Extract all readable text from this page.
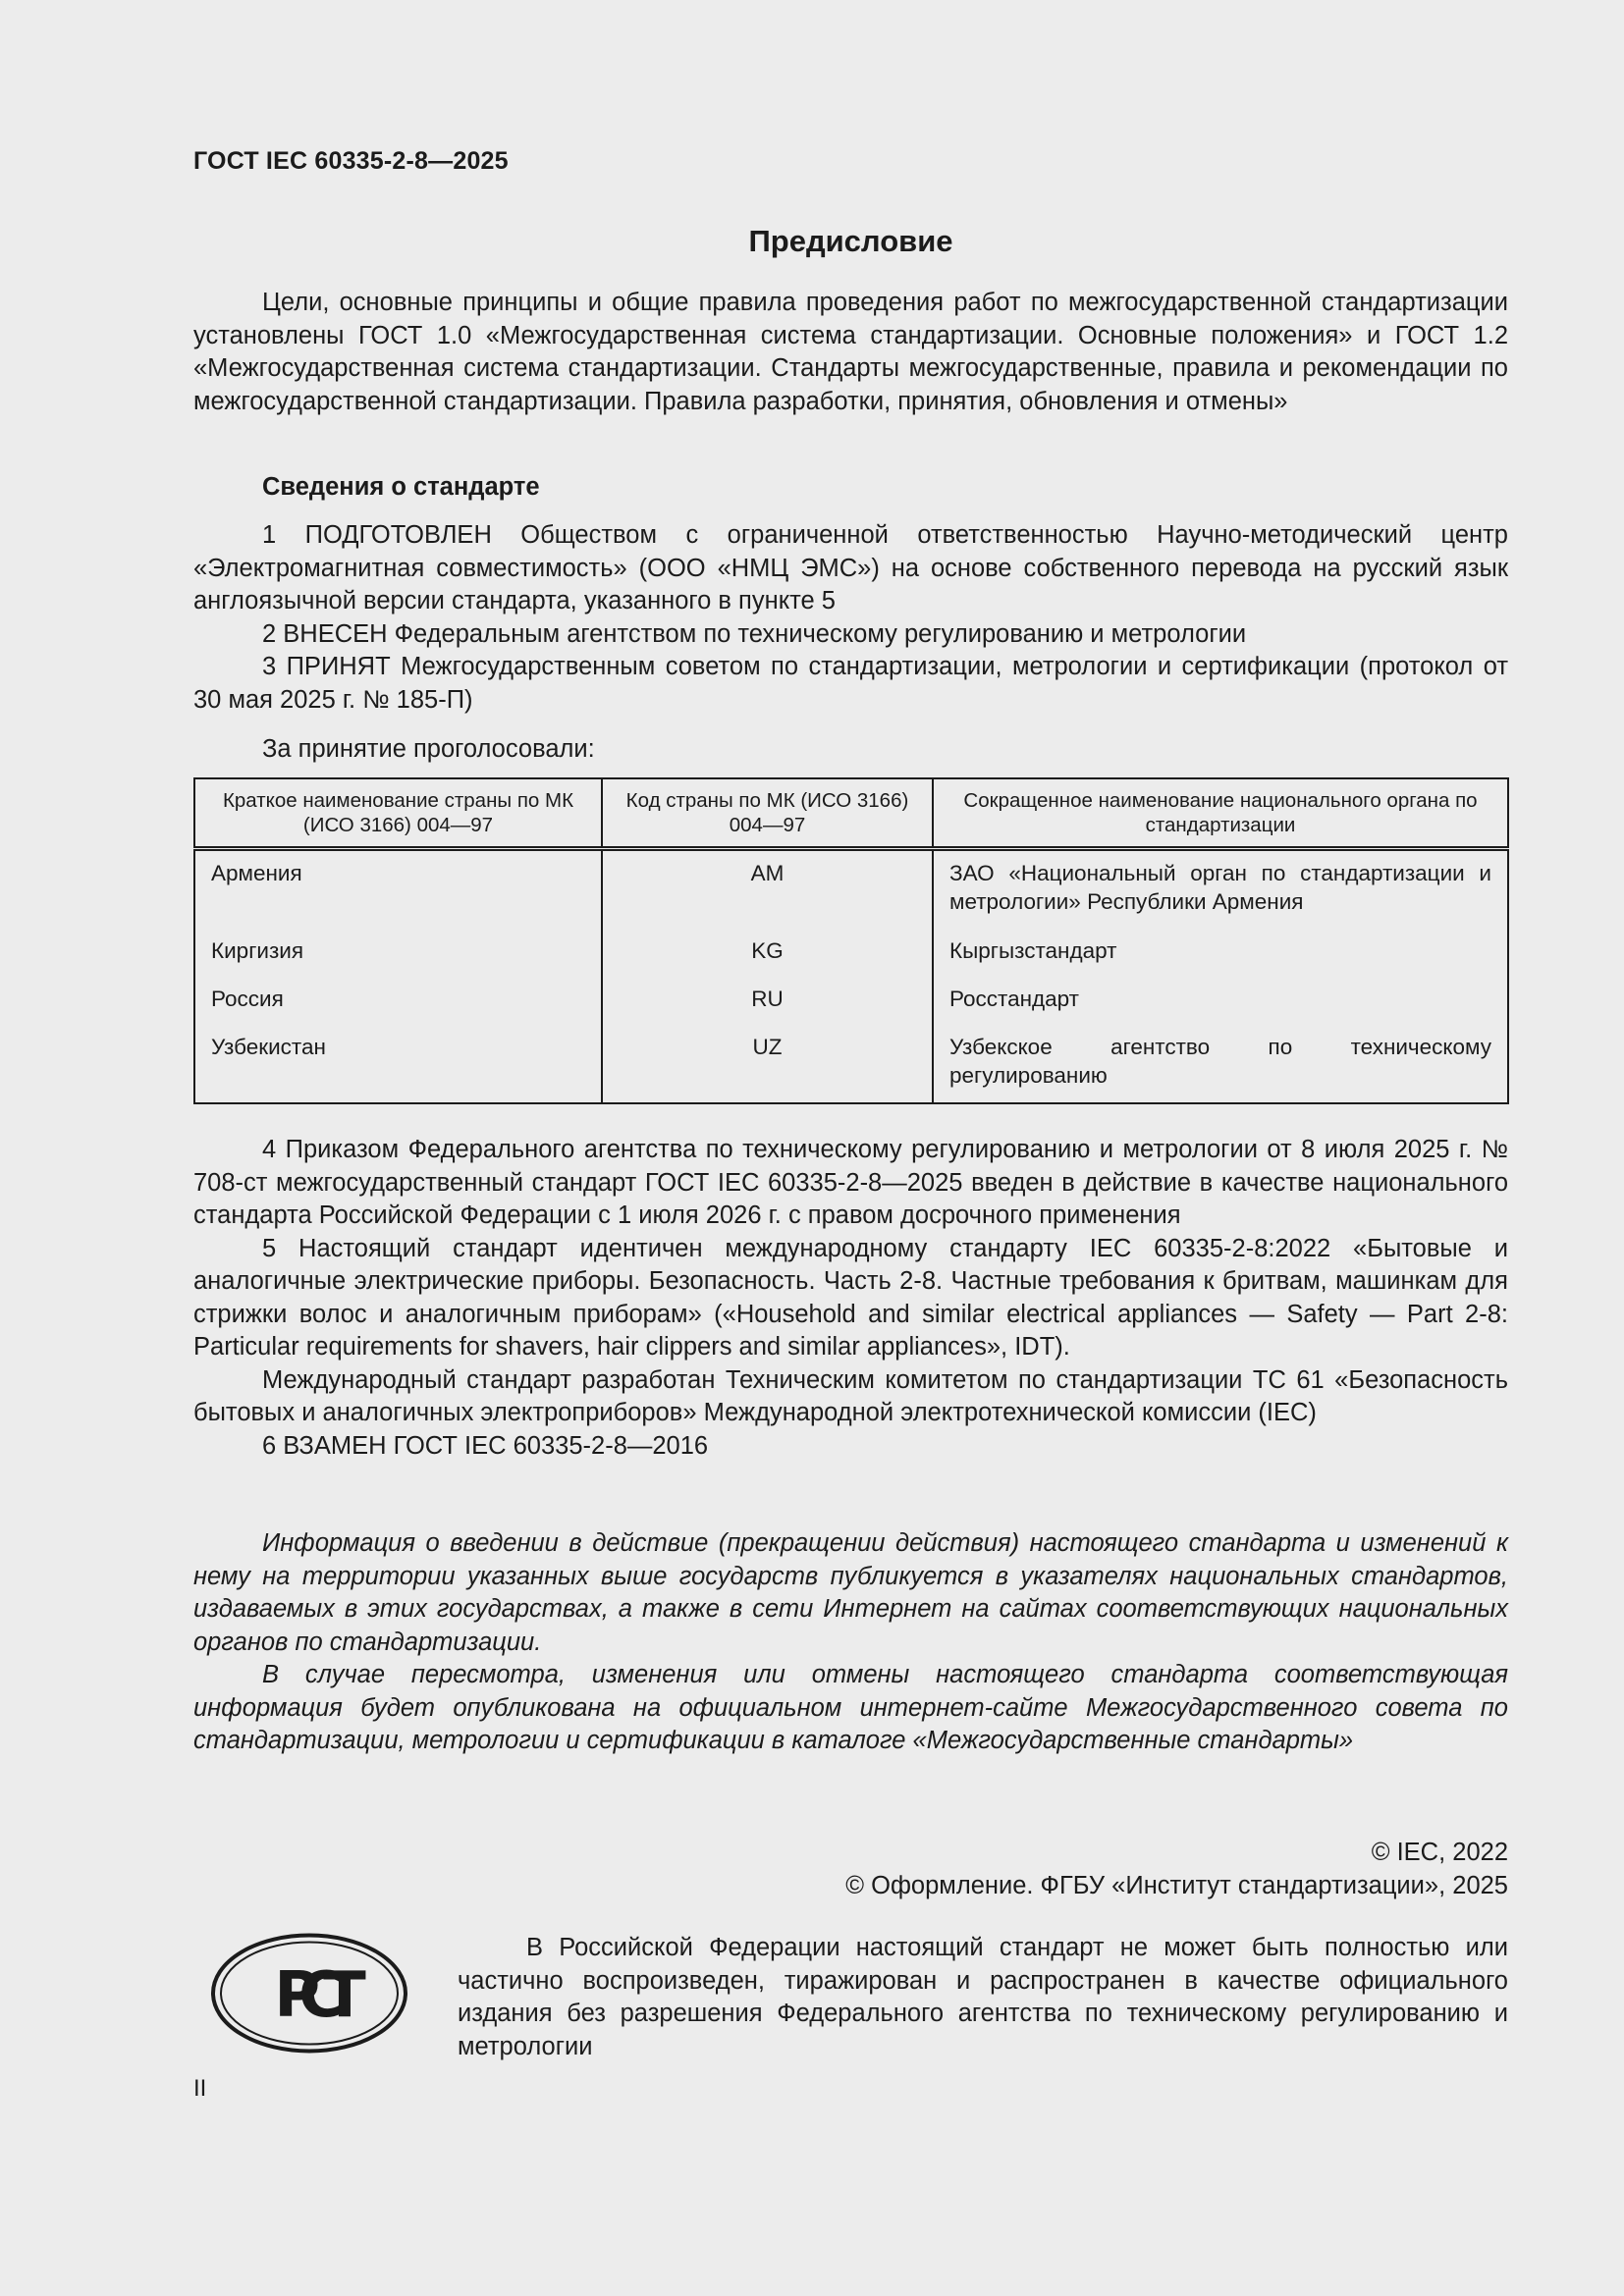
ГОСТ IEC 60335-2-8—2025
Предисловие

Цели, основные принципы и общие правила проведения работ по межгосударственной стандартизации установлены ГОСТ 1.0 «Межгосударственная система стандартизации. Основные положения» и ГОСТ 1.2 «Межгосударственная система стандартизации. Стандарты межгосударственные, правила и рекомендации по межгосударственной стандартизации. Правила разработки, принятия, обновления и отмены»

Сведения о стандарте

1 ПОДГОТОВЛЕН Обществом с ограниченной ответственностью Научно-методический центр «Электромагнитная совместимость» (ООО «НМЦ ЭМС») на основе собственного перевода на русский язык англоязычной версии стандарта, указанного в пункте 5

2 ВНЕСЕН Федеральным агентством по техническому регулированию и метрологии

3 ПРИНЯТ Межгосударственным советом по стандартизации, метрологии и сертификации (протокол от 30 мая 2025 г. № 185-П)

За принятие проголосовали:
Краткое наименование страны по МК (ИСО 3166) 004—97	Код страны по МК (ИСО 3166) 004—97	Сокращенное наименование национального органа по стандартизации
Армения	AM	ЗАО «Национальный орган по стандартизации и метрологии» Республики Армения
Киргизия	KG	Кыргызстандарт
Россия	RU	Росстандарт
Узбекистан	UZ	Узбекское агентство по техническому регулированию

4 Приказом Федерального агентства по техническому регулированию и метрологии от 8 июля 2025 г. № 708-ст межгосударственный стандарт ГОСТ IEC 60335-2-8—2025 введен в действие в качестве национального стандарта Российской Федерации с 1 июля 2026 г. с правом досрочного применения

5 Настоящий стандарт идентичен международному стандарту IEC 60335-2-8:2022 «Бытовые и аналогичные электрические приборы. Безопасность. Часть 2-8. Частные требования к бритвам, машинкам для стрижки волос и аналогичным приборам» («Household and similar electrical appliances — Safety — Part 2-8: Particular requirements for shavers, hair clippers and similar appliances», IDT).

Международный стандарт разработан Техническим комитетом по стандартизации TC 61 «Безопасность бытовых и аналогичных электроприборов» Международной электротехнической комиссии (IEC)

6 ВЗАМЕН ГОСТ IEC 60335-2-8—2016

Информация о введении в действие (прекращении действия) настоящего стандарта и изменений к нему на территории указанных выше государств публикуется в указателях национальных стандартов, издаваемых в этих государствах, а также в сети Интернет на сайтах соответствующих национальных органов по стандартизации.

В случае пересмотра, изменения или отмены настоящего стандарта соответствующая информация будет опубликована на официальном интернет-сайте Межгосударственного совета по стандартизации, метрологии и сертификации в каталоге «Межгосударственные стандарты»

© IEC, 2022
© Оформление. ФГБУ «Институт стандартизации», 2025
РСТ

В Российской Федерации настоящий стандарт не может быть полностью или частично воспроизведен, тиражирован и распространен в качестве официального издания без разрешения Федерального агентства по техническому регулированию и метрологии

II
